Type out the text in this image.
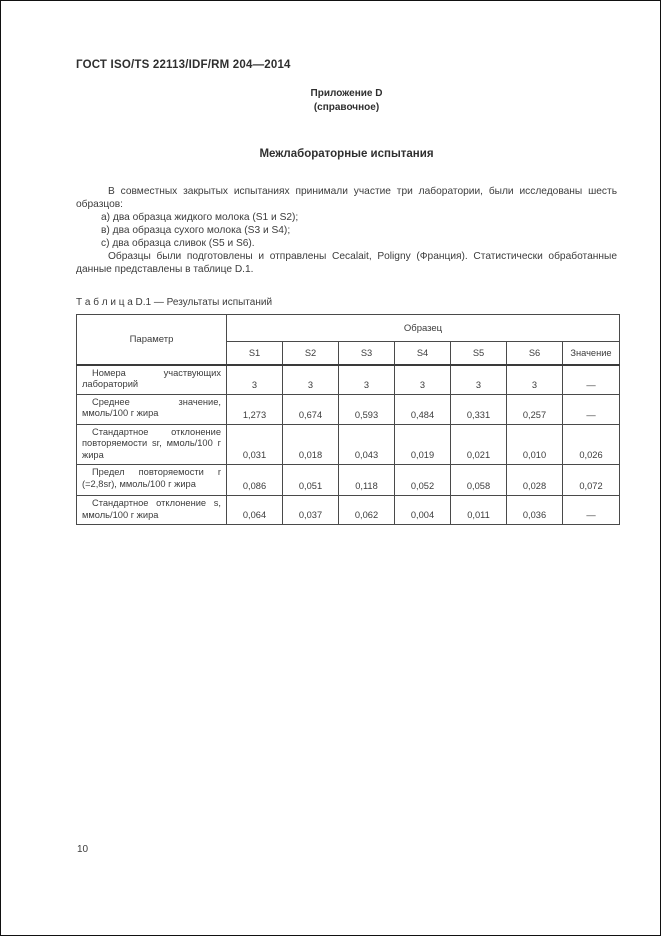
ГОСТ ISO/TS 22113/IDF/RM 204—2014
Приложение D
(справочное)
Межлабораторные испытания
В совместных закрытых испытаниях принимали участие три лаборатории, были исследованы шесть образцов:
а) два образца жидкого молока (S1 и S2);
в) два образца сухого молока (S3 и S4);
с) два образца сливок (S5 и S6).
Образцы были подготовлены и отправлены Cecalait, Poligny (Франция). Статистически обработанные данные представлены в таблице D.1.
Т а б л и ц а D.1 — Результаты испытаний
Параметр	Образец						
	S1	S2	S3	S4	S5	S6	Значение
Номера участвующих лабораторий	3	3	3	3	3	3	—
Среднее значение, ммоль/100 г жира	1,273	0,674	0,593	0,484	0,331	0,257	—
Стандартное отклонение повторяемости sr, ммоль/100 г жира	0,031	0,018	0,043	0,019	0,021	0,010	0,026
Предел повторяемости r (=2,8sr), ммоль/100 г жира	0,086	0,051	0,118	0,052	0,058	0,028	0,072
Стандартное отклонение s, ммоль/100 г жира	0,064	0,037	0,062	0,004	0,011	0,036	—
10
